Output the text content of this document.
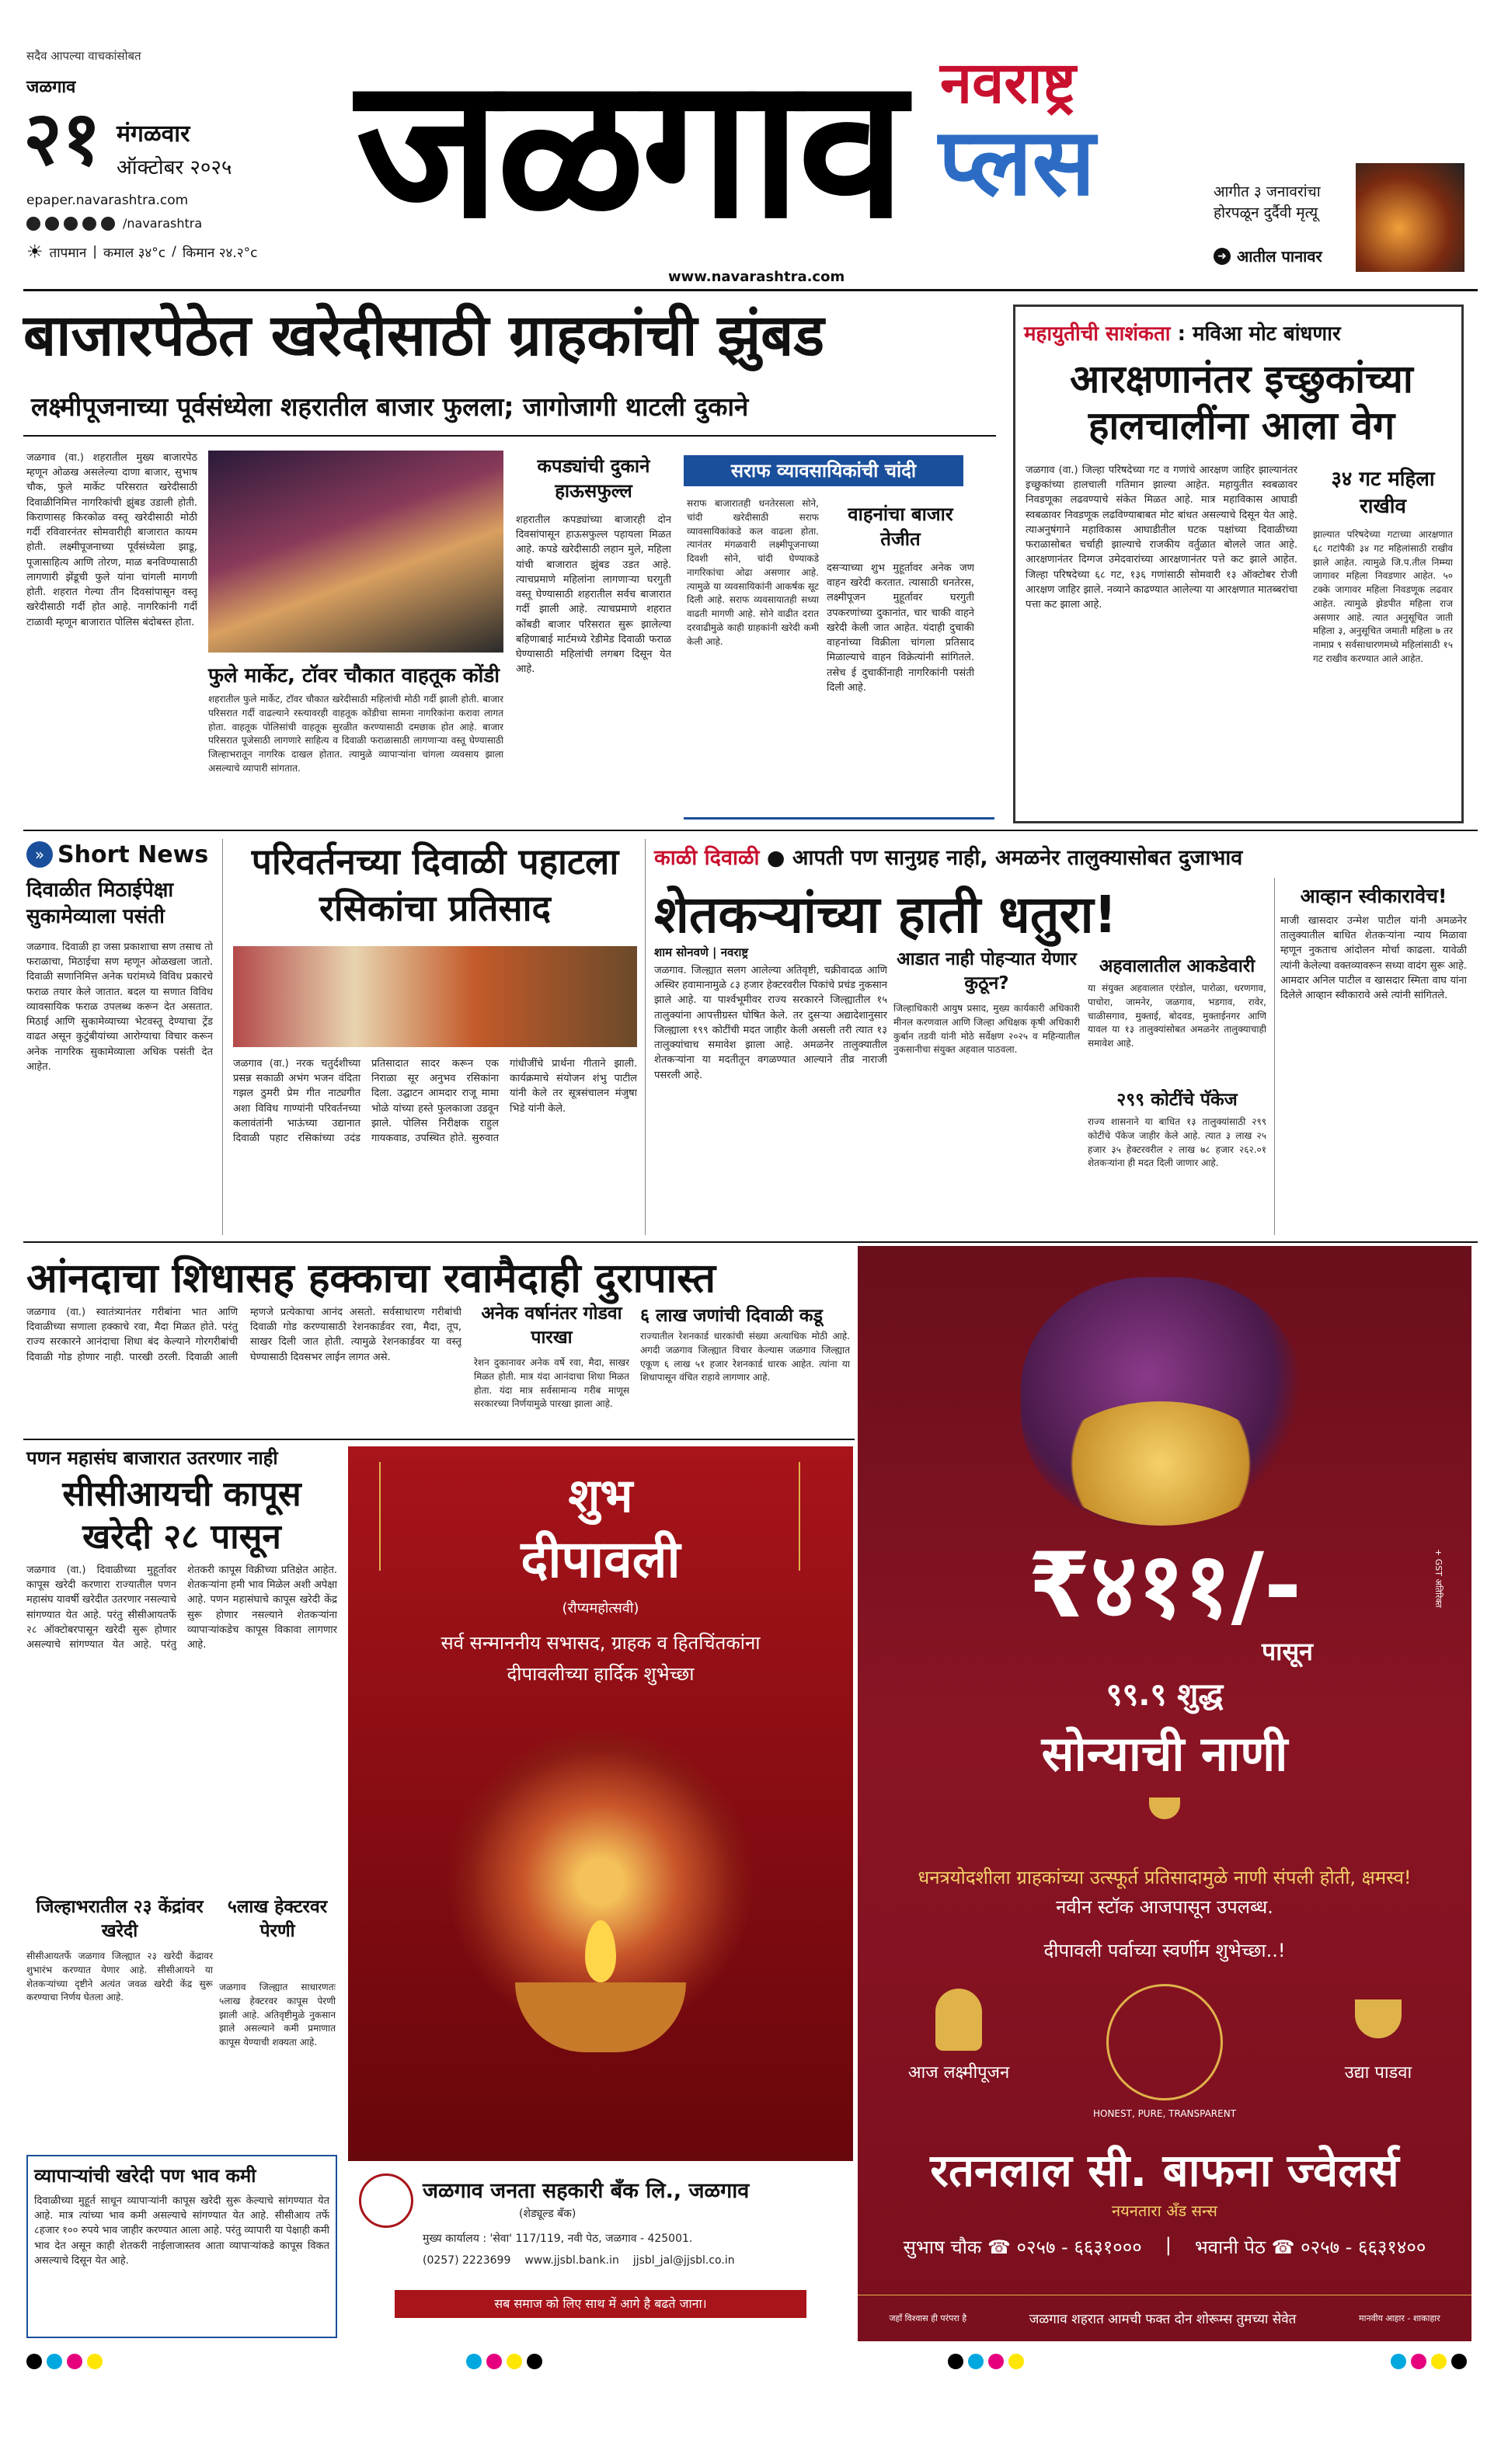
सदैव आपल्या वाचकांसोबत
जळगाव
२१ मंगळवार
ऑक्टोबर २०२५
epaper.navarashtra.com
/navarashtra
☀ तापमान | कमाल ३४°c / किमान २४.२°c जळगाव नवराष्ट्र
प्लस
www.navarashtra.com
आगीत ३ जनावरांचा होरपळून दुर्दैवी मृत्यू
➜ आतील पानावर
बाजारपेठेत खरेदीसाठी ग्राहकांची झुंबड
लक्ष्मीपूजनाच्या पूर्वसंध्येला शहरातील बाजार फुलला; जागोजागी थाटली दुकाने
जळगाव (वा.) शहरातील मुख्य बाजारपेठ म्हणून ओळख असलेल्या दाणा बाजार, सुभाष चौक, फुले मार्केट परिसरात खरेदीसाठी दिवाळीनिमित्त नागरिकांची झुंबड उडाली होती. किराणासह किरकोळ वस्तू खरेदीसाठी मोठी गर्दी रविवारनंतर सोमवारीही बाजारात कायम होती. लक्ष्मीपूजनाच्या पूर्वसंध्येला झाडू, पूजासाहित्य आणि तोरण, माळ बनविण्यासाठी लागणारी झेंडूची फुले यांना चांगली मागणी होती. शहरात गेल्या तीन दिवसांपासून वस्तू खरेदीसाठी गर्दी होत आहे. नागरिकांनी गर्दी टाळावी म्हणून बाजारात पोलिस बंदोबस्त होता.
फुले मार्केट, टॉवर चौकात वाहतूक कोंडी
शहरातील फुले मार्केट, टॉवर चौकात खरेदीसाठी महिलांची मोठी गर्दी झाली होती. बाजार परिसरात गर्दी वाढल्याने रस्त्यावरही वाहतूक कोंडीचा सामना नागरिकांना करावा लागत होता. वाहतूक पोलिसांची वाहतूक सुरळीत करण्यासाठी दमछाक होत आहे. बाजार परिसरात पूजेसाठी लागणारे साहित्य व दिवाळी फराळासाठी लागणाऱ्या वस्तू घेण्यासाठी जिल्हाभरातून नागरिक दाखल होतात. त्यामुळे व्यापाऱ्यांना चांगला व्यवसाय झाला असल्याचे व्यापारी सांगतात.
कपड्यांची दुकाने हाऊसफुल्ल
शहरातील कपड्यांच्या बाजारही दोन दिवसांपासून हाऊसफुल्ल पहायला मिळत आहे. कपडे खरेदीसाठी लहान मुले, महिला यांची बाजारात झुंबड उडत आहे. त्याचप्रमाणे महिलांना लागणाऱ्या घरगुती वस्तू घेण्यासाठी शहरातील सर्वच बाजारात गर्दी झाली आहे. त्याचप्रमाणे शहरात कोंबडी बाजार परिसरात सुरू झालेल्या बहिणाबाई मार्टमध्ये रेडीमेड दिवाळी फराळ घेण्यासाठी महिलांची लगबग दिसून येत आहे.
सराफ व्यावसायिकांची चांदी
सराफ बाजारातही धनतेरसला सोने, चांदी खरेदीसाठी सराफ व्यावसायिकांकडे कल वाढला होता. त्यानंतर मंगळवारी लक्ष्मीपूजनाच्या दिवशी सोने, चांदी घेण्याकडे नागरिकांचा ओढा असणार आहे. त्यामुळे या व्यवसायिकांनी आकर्षक सूट दिली आहे. सराफ व्यवसायातही सध्या वाढती मागणी आहे. सोने वाढीत दरात दरवाढीमुळे काही ग्राहकांनी खरेदी कमी केली आहे.
वाहनांचा बाजार तेजीत
दसऱ्याच्या शुभ मुहूर्तावर अनेक जण वाहन खरेदी करतात. त्यासाठी धनतेरस, लक्ष्मीपूजन मुहूर्तावर घरगुती उपकरणांच्या दुकानांत, चार चाकी वाहने खरेदी केली जात आहेत. यंदाही दुचाकी वाहनांच्या विक्रीला चांगला प्रतिसाद मिळाल्याचे वाहन विक्रेत्यांनी सांगितले. तसेच ई दुचाकींनाही नागरिकांनी पसंती दिली आहे.
महायुतीची साशंकता : मविआ मोट बांधणार
आरक्षणानंतर इच्छुकांच्या हालचालींना आला वेग
जळगाव (वा.) जिल्हा परिषदेच्या गट व गणांचे आरक्षण जाहिर झाल्यानंतर इच्छुकांच्या हालचाली गतिमान झाल्या आहेत. महायुतीत स्वबळावर निवडणूका लढवण्याचे संकेत मिळत आहे. मात्र महाविकास आघाडी स्वबळावर निवडणूक लढविण्याबाबत मोट बांधत असल्याचे दिसून येत आहे. त्याअनुषंगाने महाविकास आघाडीतील घटक पक्षांच्या दिवाळीच्या फराळासोबत चर्चाही झाल्याचे राजकीय वर्तुळात बोलले जात आहे. आरक्षणानंतर दिग्गज उमेदवारांच्या आरक्षणानंतर पत्ते कट झाले आहेत. जिल्हा परिषदेच्या ६८ गट, १३६ गणांसाठी सोमवारी १३ ऑक्टोबर रोजी आरक्षण जाहिर झाले. नव्याने काढण्यात आलेल्या या आरक्षणात मातब्बरांचा पत्ता कट झाला आहे.
३४ गट महिला राखीव
झाल्यात परिषदेच्या गटाच्या आरक्षणात ६८ गटांपैकी ३४ गट महिलांसाठी राखीव झाले आहेत. त्यामुळे जि.प.तील निम्म्या जागावर महिला निवडणार आहेत. ५० टक्के जागावर महिला निवडणूक लढवार आहेत. त्यामुळे झेडपीत महिला राज असणार आहे. त्यात अनुसूचित जाती महिला ३, अनुसूचित जमाती महिला ७ तर नामाप्र ९ सर्वसाधारणमध्ये महिलांसाठी १५ गट राखीव करण्यात आले आहेत.
» Short News
दिवाळीत मिठाईपेक्षा सुकामेव्याला पसंती
जळगाव. दिवाळी हा जसा प्रकाशाचा सण तसाच तो फराळाचा, मिठाईचा सण म्हणून ओळखला जातो. दिवाळी सणानिमित्त अनेक घरांमध्ये विविध प्रकारचे फराळ तयार केले जातात. बदल या सणात विविध व्यावसायिक फराळ उपलब्ध करून देत असतात. मिठाई आणि सुकामेव्याच्या भेटवस्तू देण्याचा ट्रेंड वाढत असून कुटुंबीयांच्या आरोग्याचा विचार करून अनेक नागरिक सुकामेव्याला अधिक पसंती देत आहेत.
परिवर्तनच्या दिवाळी पहाटला रसिकांचा प्रतिसाद
जळगाव (वा.) नरक चतुर्दशीच्या प्रसन्न सकाळी अभंग भजन वंदिता गझल ठुमरी प्रेम गीत नाट्यगीत अशा विविध गाण्यांनी परिवर्तनच्या कलावंतांनी भाऊंच्या उद्यानात दिवाळी पहाट रसिकांच्या उदंड प्रतिसादात सादर करून एक निराळा सूर अनुभव रसिकांना दिला. उद्घाटन आमदार राजू मामा भोळे यांच्या हस्ते फुलकाजा उडवून झाले. पोलिस निरीक्षक राहुल गायकवाड, उपस्थित होते. सुरुवात गांधीजींचे प्रार्थना गीताने झाली. कार्यक्रमाचे संयोजन शंभु पाटील यांनी केले तर सूत्रसंचालन मंजुषा भिडे यांनी केले.
काळी दिवाळी ● आपती पण सानुग्रह नाही, अमळनेर तालुक्यासोबत दुजाभाव
शेतकऱ्यांच्या हाती धतुरा!
शाम सोनवणे | नवराष्ट्र
जळगाव. जिल्ह्यात सलग आलेल्या अतिवृष्टी, चक्रीवादळ आणि अस्थिर हवामानामुळे ८३ हजार हेक्टरवरील पिकांचे प्रचंड नुकसान झाले आहे. या पार्श्वभूमीवर राज्य सरकारने जिल्ह्यातील १५ तालुक्यांना आपत्तीग्रस्त घोषित केले. तर दुसऱ्या अद्यादेशानुसार जिल्ह्याला १९९ कोटींची मदत जाहीर केली असली तरी त्यात १३ तालुक्यांचाच समावेश झाला आहे. अमळनेर तालुक्यातील शेतकऱ्यांना या मदतीतून वगळण्यात आल्याने तीव्र नाराजी पसरली आहे.
आडात नाही पोहऱ्यात येणार कुठून?
जिल्हाधिकारी आयुष प्रसाद, मुख्य कार्यकारी अधिकारी मीनल करणवाल आणि जिल्हा अधिक्षक कृषी अधिकारी कुर्बान तडवी यांनी मोठे सर्वेक्षण २०२५ व महिन्यातील नुकसानीचा संयुक्त अहवाल पाठवला.
अहवालातील आकडेवारी
या संयुक्त अहवालात एरंडोल, पारोळा, धरणगाव, पाचोरा, जामनेर, जळगाव, भडगाव, रावेर, चाळीसगाव, मुक्ताई, बोदवड, मुक्ताईनगर आणि यावल या १३ तालुक्यांसोबत अमळनेर तालुक्याचाही समावेश आहे.
२९९ कोटींचे पॅकेज
राज्य शासनाने या बाधित १३ तालुक्यांसाठी २९९ कोटींचे पॅकेज जाहीर केले आहे. त्यात ३ लाख २५ हजार ३५ हेक्टरवरील २ लाख ७८ हजार २६२.०१ शेतकऱ्यांना ही मदत दिली जाणार आहे.
आव्हान स्वीकारावेच!
माजी खासदार उन्मेश पाटील यांनी अमळनेर तालुक्यातील बाधित शेतकऱ्यांना न्याय मिळावा म्हणून नुकताच आंदोलन मोर्चा काढला. यावेळी त्यांनी केलेल्या वक्तव्यावरून सध्या वादंग सुरू आहे. आमदार अनिल पाटील व खासदार स्मिता वाघ यांना दिलेले आव्हान स्वीकारावे असे त्यांनी सांगितले.
आंनदाचा शिधासह हक्काचा रवामैदाही दुरापास्त
जळगाव (वा.) स्वातंत्र्यानंतर गरीबांना भात आणि दिवाळीच्या सणाला हक्काचे रवा, मैदा मिळत होते. परंतु राज्य सरकारने आनंदाचा शिधा बंद केल्याने गोरगरीबांची दिवाळी गोड होणार नाही. पारखी ठरली. दिवाळी आली म्हणजे प्रत्येकाचा आनंद असतो. सर्वसाधारण गरीबांची दिवाळी गोड करण्यासाठी रेशनकार्डवर रवा, मैदा, तूप, साखर दिली जात होती. त्यामुळे रेशनकार्डवर या वस्तू घेण्यासाठी दिवसभर लाईन लागत असे.
अनेक वर्षानंतर गोडवा पारखा
रेशन दुकानावर अनेक वर्षे रवा, मैदा, साखर मिळत होती. मात्र यंदा आनंदाचा शिधा मिळत होता. यंदा मात्र सर्वसामान्य गरीब माणूस सरकारच्या निर्णयामुळे पारखा झाला आहे.
६ लाख जणांची दिवाळी कडू
राज्यातील रेशनकार्ड धारकांची संख्या अत्याधिक मोठी आहे. अगदी जळगाव जिल्ह्यात विचार केल्यास जळगाव जिल्ह्यात एकूण ६ लाख ५१ हजार रेशनकार्ड धारक आहेत. त्यांना या शिधापासून वंचित राहावे लागणार आहे.
पणन महासंघ बाजारात उतरणार नाही
सीसीआयची कापूस खरेदी २८ पासून
जळगाव (वा.) दिवाळीच्या मुहूर्तावर कापूस खरेदी करणारा राज्यातील पणन महासंघ यावर्षी खरेदीत उतरणार नसल्याचे सांगण्यात येत आहे. परंतु सीसीआयतर्फे २८ ऑक्टोबरपासून खरेदी सुरू होणार असल्याचे सांगण्यात येत आहे. परंतु शेतकरी कापूस विक्रीच्या प्रतिक्षेत आहेत. शेतकऱ्यांना हमी भाव मिळेल अशी अपेक्षा आहे. पणन महासंघाचे कापूस खरेदी केंद्र सुरू होणार नसल्याने शेतकऱ्यांना व्यापाऱ्यांकडेच कापूस विकावा लागणार आहे.
जिल्हाभरातील २३ केंद्रांवर खरेदी
सीसीआयतर्फे जळगाव जिल्ह्यात २३ खरेदी केंद्रावर शुभारंभ करण्यात येणार आहे. सीसीआयने या शेतकऱ्यांच्या दृष्टीने अत्यंत जवळ खरेदी केंद्र सुरू करण्याचा निर्णय घेतला आहे.
५लाख हेक्टरवर पेरणी
जळगाव जिल्ह्यात साधारणतः ५लाख हेक्टरवर कापूस पेरणी झाली आहे. अतिवृष्टीमुळे नुकसान झाले असल्याने कमी प्रमाणात कापूस येण्याची शक्यता आहे.
व्यापाऱ्यांची खरेदी पण भाव कमी
दिवाळीच्या मुहूर्त साधून व्यापाऱ्यांनी कापूस खरेदी सुरू केल्याचे सांगण्यात येत आहे. मात्र त्यांच्या भाव कमी असल्याचे सांगण्यात येत आहे. सीसीआय तर्फे ८हजार १०० रुपये भाव जाहीर करण्यात आला आहे. परंतु व्यापारी या पेक्षाही कमी भाव देत असून काही शेतकरी नाईलाजास्तव आता व्यापाऱ्यांकडे कापूस विकत असल्याचे दिसून येत आहे.
शुभ
दीपावली
(रौप्यमहोत्सवी)
सर्व सन्माननीय सभासद, ग्राहक व हितचिंतकांना
दीपावलीच्या हार्दिक शुभेच्छा
जळगाव जनता सहकारी बँक लि., जळगाव
(शेड्यूल्ड बँक)
मुख्य कार्यालय : 'सेवा' 117/119, नवी पेठ, जळगाव - 425001.
(0257) 2223699 www.jjsbl.bank.in jjsbl_jal@jjsbl.co.in
सब समाज को लिए साथ में आगे है बढते जाना।
₹४११/-
पासून
+ GST अतिरिक्त
९९.९ शुद्ध
सोन्याची नाणी
धनत्रयोदशीला ग्राहकांच्या उत्स्फूर्त प्रतिसादामुळे नाणी संपली होती, क्षमस्व!
नवीन स्टॉक आजपासून उपलब्ध.
दीपावली पर्वाच्या स्वर्णीम शुभेच्छा..!
आज लक्ष्मीपूजन
HONEST, PURE, TRANSPARENT
उद्या पाडवा
रतनलाल सी. बाफना ज्वेलर्स
नयनतारा अँड सन्स
सुभाष चौक ☎ ०२५७ - ६६३१००० | भवानी पेठ ☎ ०२५७ - ६६३१४००
जहाँ विश्वास ही परंपरा है	जळगाव शहरात आमची फक्त दोन शोरूम्स तुमच्या सेवेत	मानवीय आहार - शाकाहार
